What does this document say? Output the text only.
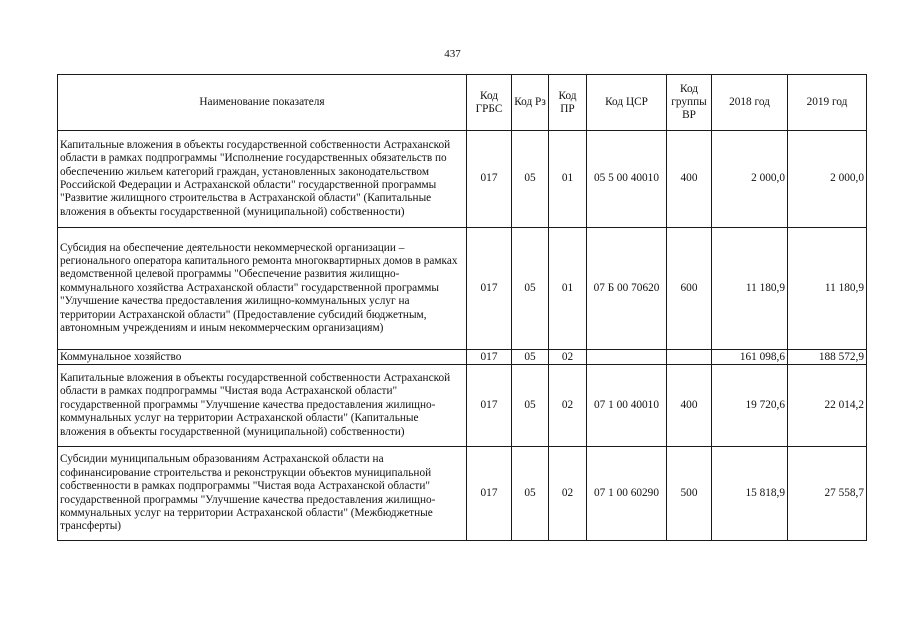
437
Наименование показателя	Код ГРБС	Код Рз	Код ПР	Код ЦСР	Код группы ВР	2018 год	2019 год
Капитальные вложения в объекты государственной собственности Астраханской области в рамках подпрограммы "Исполнение государственных обязательств по обеспечению жильем категорий граждан, установленных законодательством Российской Федерации и Астраханской области" государственной программы "Развитие жилищного строительства в Астраханской области" (Капитальные вложения в объекты государственной (муниципальной) собственности)	017	05	01	05 5 00 40010	400	2 000,0	2 000,0
Субсидия на обеспечение деятельности некоммерческой организации – регионального оператора капитального ремонта многоквартирных домов в рамках ведомственной целевой программы "Обеспечение развития жилищно-коммунального хозяйства Астраханской области" государственной программы "Улучшение качества предоставления жилищно-коммунальных услуг на территории Астраханской области" (Предоставление субсидий бюджетным, автономным учреждениям и иным некоммерческим организациям)	017	05	01	07 Б 00 70620	600	11 180,9	11 180,9
Коммунальное хозяйство	017	05	02			161 098,6	188 572,9
Капитальные вложения в объекты государственной собственности Астраханской области в рамках подпрограммы "Чистая вода Астраханской области" государственной программы "Улучшение качества предоставления жилищно-коммунальных услуг на территории Астраханской области" (Капитальные вложения в объекты государственной (муниципальной) собственности)	017	05	02	07 1 00 40010	400	19 720,6	22 014,2
Субсидии муниципальным образованиям Астраханской области на софинансирование строительства и реконструкции объектов муниципальной собственности в рамках подпрограммы "Чистая вода Астраханской области" государственной программы "Улучшение качества предоставления жилищно-коммунальных услуг на территории Астраханской области" (Межбюджетные трансферты)	017	05	02	07 1 00 60290	500	15 818,9	27 558,7
